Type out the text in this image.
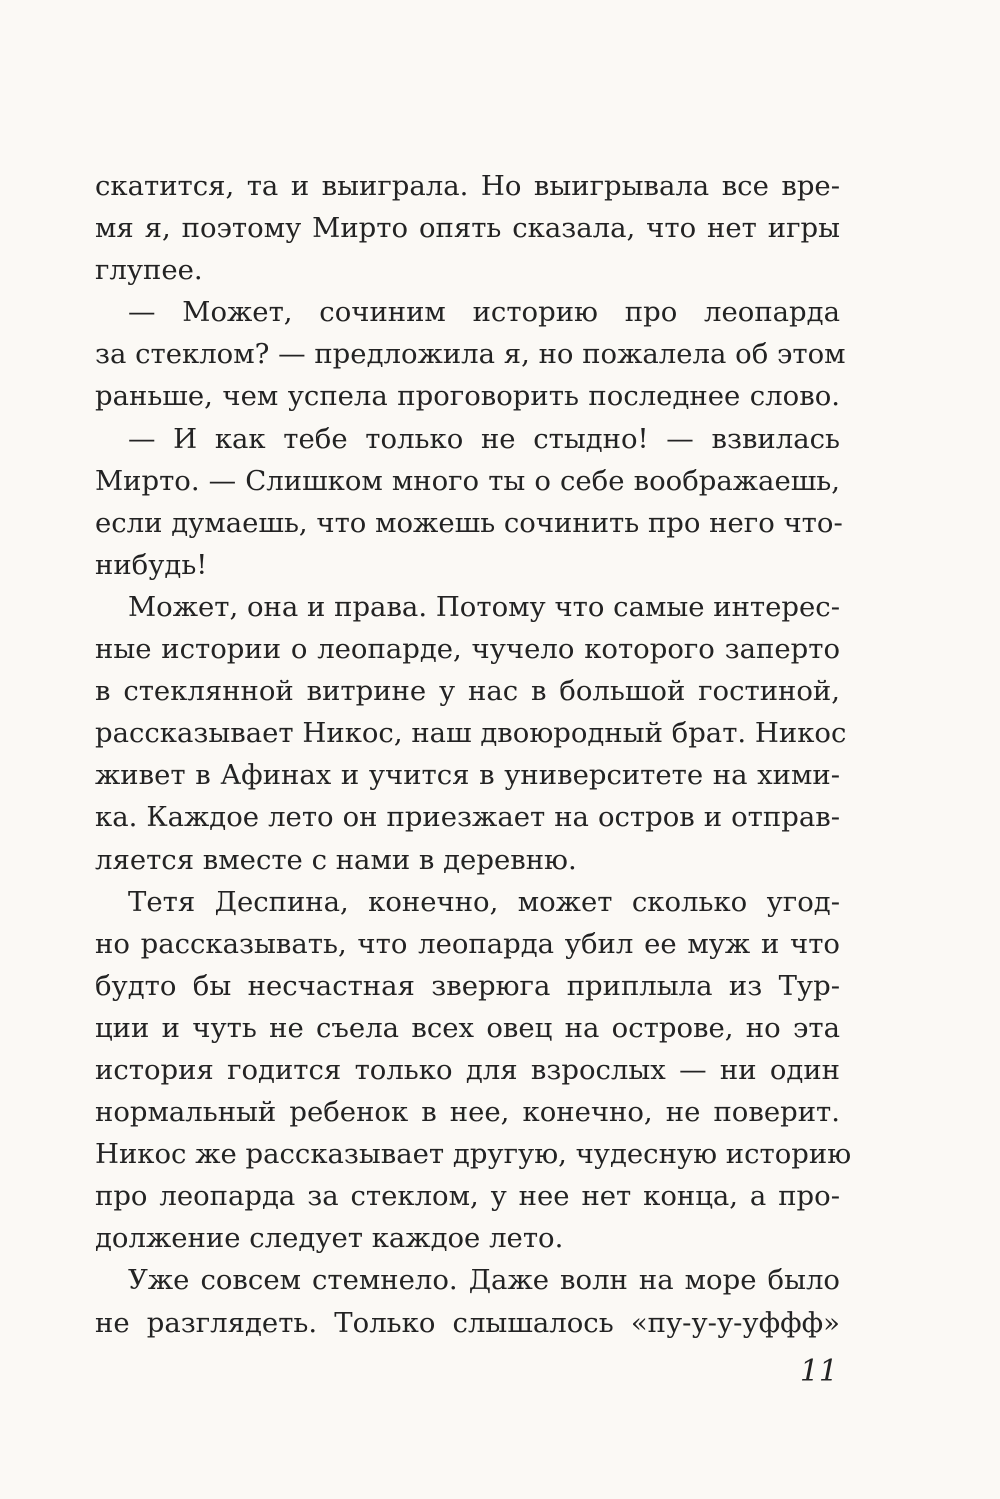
скатится, та и выиграла. Но выигрывала все вре-
мя я, поэтому Мирто опять сказала, что нет игры
глупее.
— Может, сочиним историю про леопарда
за стеклом? — предложила я, но пожалела об этом
раньше, чем успела проговорить последнее слово.
— И как тебе только не стыдно! — взвилась
Мирто. — Слишком много ты о себе воображаешь,
если думаешь, что можешь сочинить про него что-
нибудь!
Может, она и права. Потому что самые интерес-
ные истории о леопарде, чучело которого заперто
в стеклянной витрине у нас в большой гостиной,
рассказывает Никос, наш двоюродный брат. Никос
живет в Афинах и учится в университете на хими-
ка. Каждое лето он приезжает на остров и отправ-
ляется вместе с нами в деревню.
Тетя Деспина, конечно, может сколько угод-
но рассказывать, что леопарда убил ее муж и что
будто бы несчастная зверюга приплыла из Тур-
ции и чуть не съела всех овец на острове, но эта
история годится только для взрослых — ни один
нормальный ребенок в нее, конечно, не поверит.
Никос же рассказывает другую, чудесную историю
про леопарда за стеклом, у нее нет конца, а про-
должение следует каждое лето.
Уже совсем стемнело. Даже волн на море было
не разглядеть. Только слышалось «пу-у-у-уффф»
11
